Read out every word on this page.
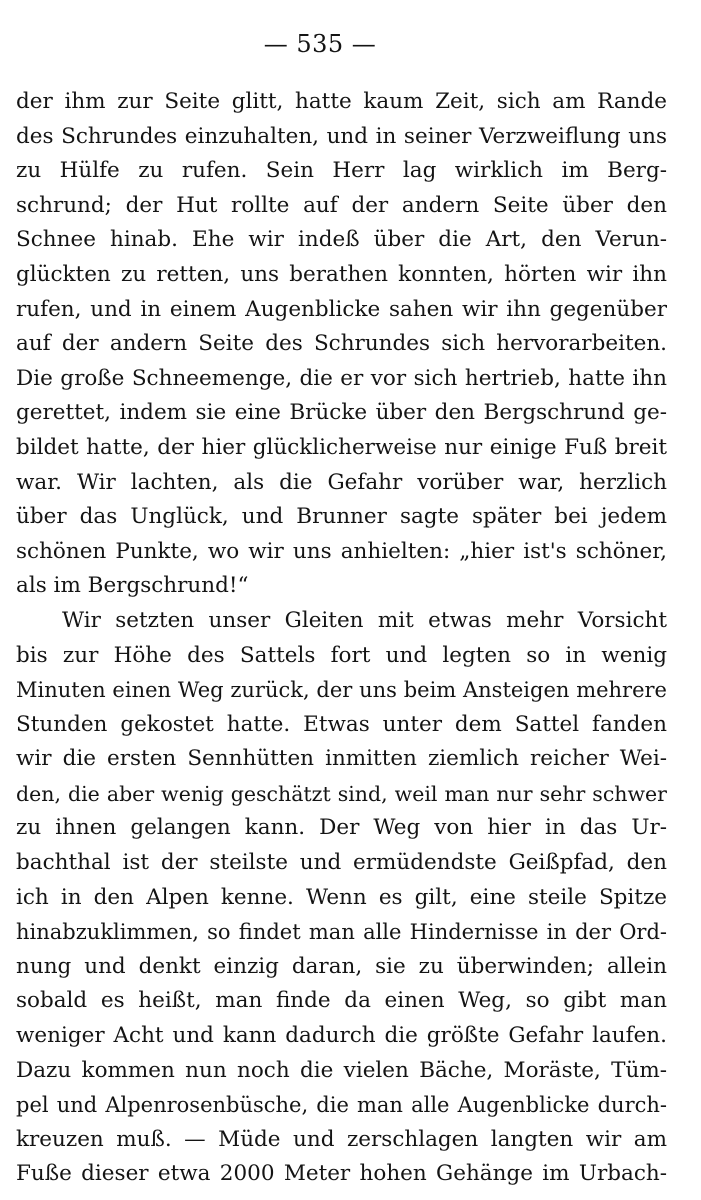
— 535 —
der ihm zur Seite glitt, hatte kaum Zeit, sich am Rande
des Schrundes einzuhalten, und in seiner Verzweiflung uns
zu Hülfe zu rufen. Sein Herr lag wirklich im Berg-
schrund; der Hut rollte auf der andern Seite über den
Schnee hinab. Ehe wir indeß über die Art, den Verun-
glückten zu retten, uns berathen konnten, hörten wir ihn
rufen, und in einem Augenblicke sahen wir ihn gegenüber
auf der andern Seite des Schrundes sich hervorarbeiten.
Die große Schneemenge, die er vor sich hertrieb, hatte ihn
gerettet, indem sie eine Brücke über den Bergschrund ge-
bildet hatte, der hier glücklicherweise nur einige Fuß breit
war. Wir lachten, als die Gefahr vorüber war, herzlich
über das Unglück, und Brunner sagte später bei jedem
schönen Punkte, wo wir uns anhielten: „hier ist's schöner,
als im Bergschrund!“
Wir setzten unser Gleiten mit etwas mehr Vorsicht
bis zur Höhe des Sattels fort und legten so in wenig
Minuten einen Weg zurück, der uns beim Ansteigen mehrere
Stunden gekostet hatte. Etwas unter dem Sattel fanden
wir die ersten Sennhütten inmitten ziemlich reicher Wei-
den, die aber wenig geschätzt sind, weil man nur sehr schwer
zu ihnen gelangen kann. Der Weg von hier in das Ur-
bachthal ist der steilste und ermüdendste Geißpfad, den
ich in den Alpen kenne. Wenn es gilt, eine steile Spitze
hinabzuklimmen, so findet man alle Hindernisse in der Ord-
nung und denkt einzig daran, sie zu überwinden; allein
sobald es heißt, man finde da einen Weg, so gibt man
weniger Acht und kann dadurch die größte Gefahr laufen.
Dazu kommen nun noch die vielen Bäche, Moräste, Tüm-
pel und Alpenrosenbüsche, die man alle Augenblicke durch-
kreuzen muß. — Müde und zerschlagen langten wir am
Fuße dieser etwa 2000 Meter hohen Gehänge im Urbach-
